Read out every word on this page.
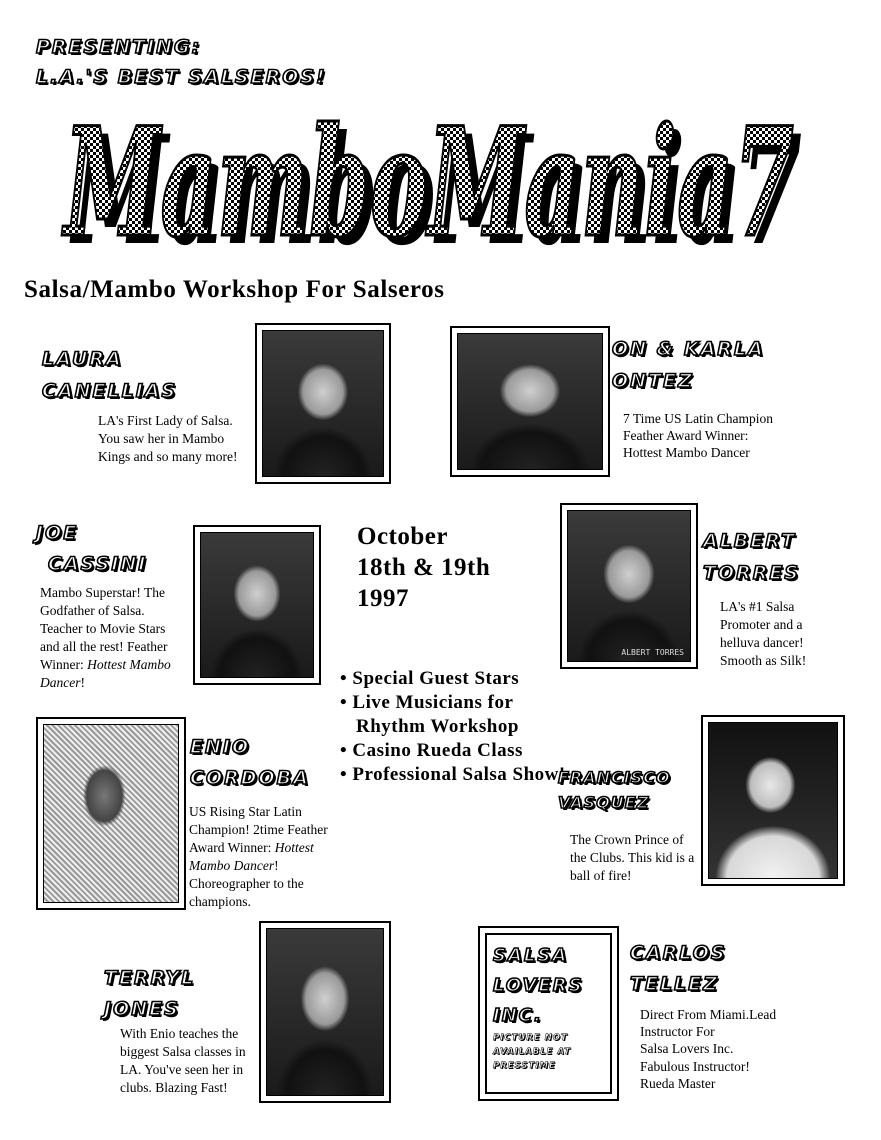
PRESENTING:
L.A.'S BEST SALSEROS!
MamboMania7
MamboMania7
Salsa/Mambo Workshop For Salseros
LAURA
CANELLIAS
LA's First Lady of Salsa. You saw her in Mambo Kings and so many more!
ON & KARLA
ONTEZ
7 Time US Latin Champion
Feather Award Winner:
Hottest Mambo Dancer
JOE
CASSINI
Mambo Superstar! The Godfather of Salsa. Teacher to Movie Stars and all the rest! Feather Winner: Hottest Mambo Dancer!
October
18th & 19th
1997
ALBERT TORRES
ALBERT
TORRES
LA's #1 Salsa Promoter and a helluva dancer! Smooth as Silk!
• Special Guest Stars
• Live Musicians for Rhythm Workshop
• Casino Rueda Class
• Professional Salsa Show!
ENIO
CORDOBA
US Rising Star Latin Champion! 2time Feather Award Winner: Hottest Mambo Dancer! Choreographer to the champions.
FRANCISCO
VASQUEZ
The Crown Prince of the Clubs. This kid is a ball of fire!
TERRYL
JONES
With Enio teaches the biggest Salsa classes in LA. You've seen her in clubs. Blazing Fast!
SALSA
LOVERS
INC.
PICTURE NOT AVAILABLE AT PRESSTIME
CARLOS
TELLEZ
Direct From Miami.Lead
Instructor For
Salsa Lovers Inc.
Fabulous Instructor!
Rueda Master
